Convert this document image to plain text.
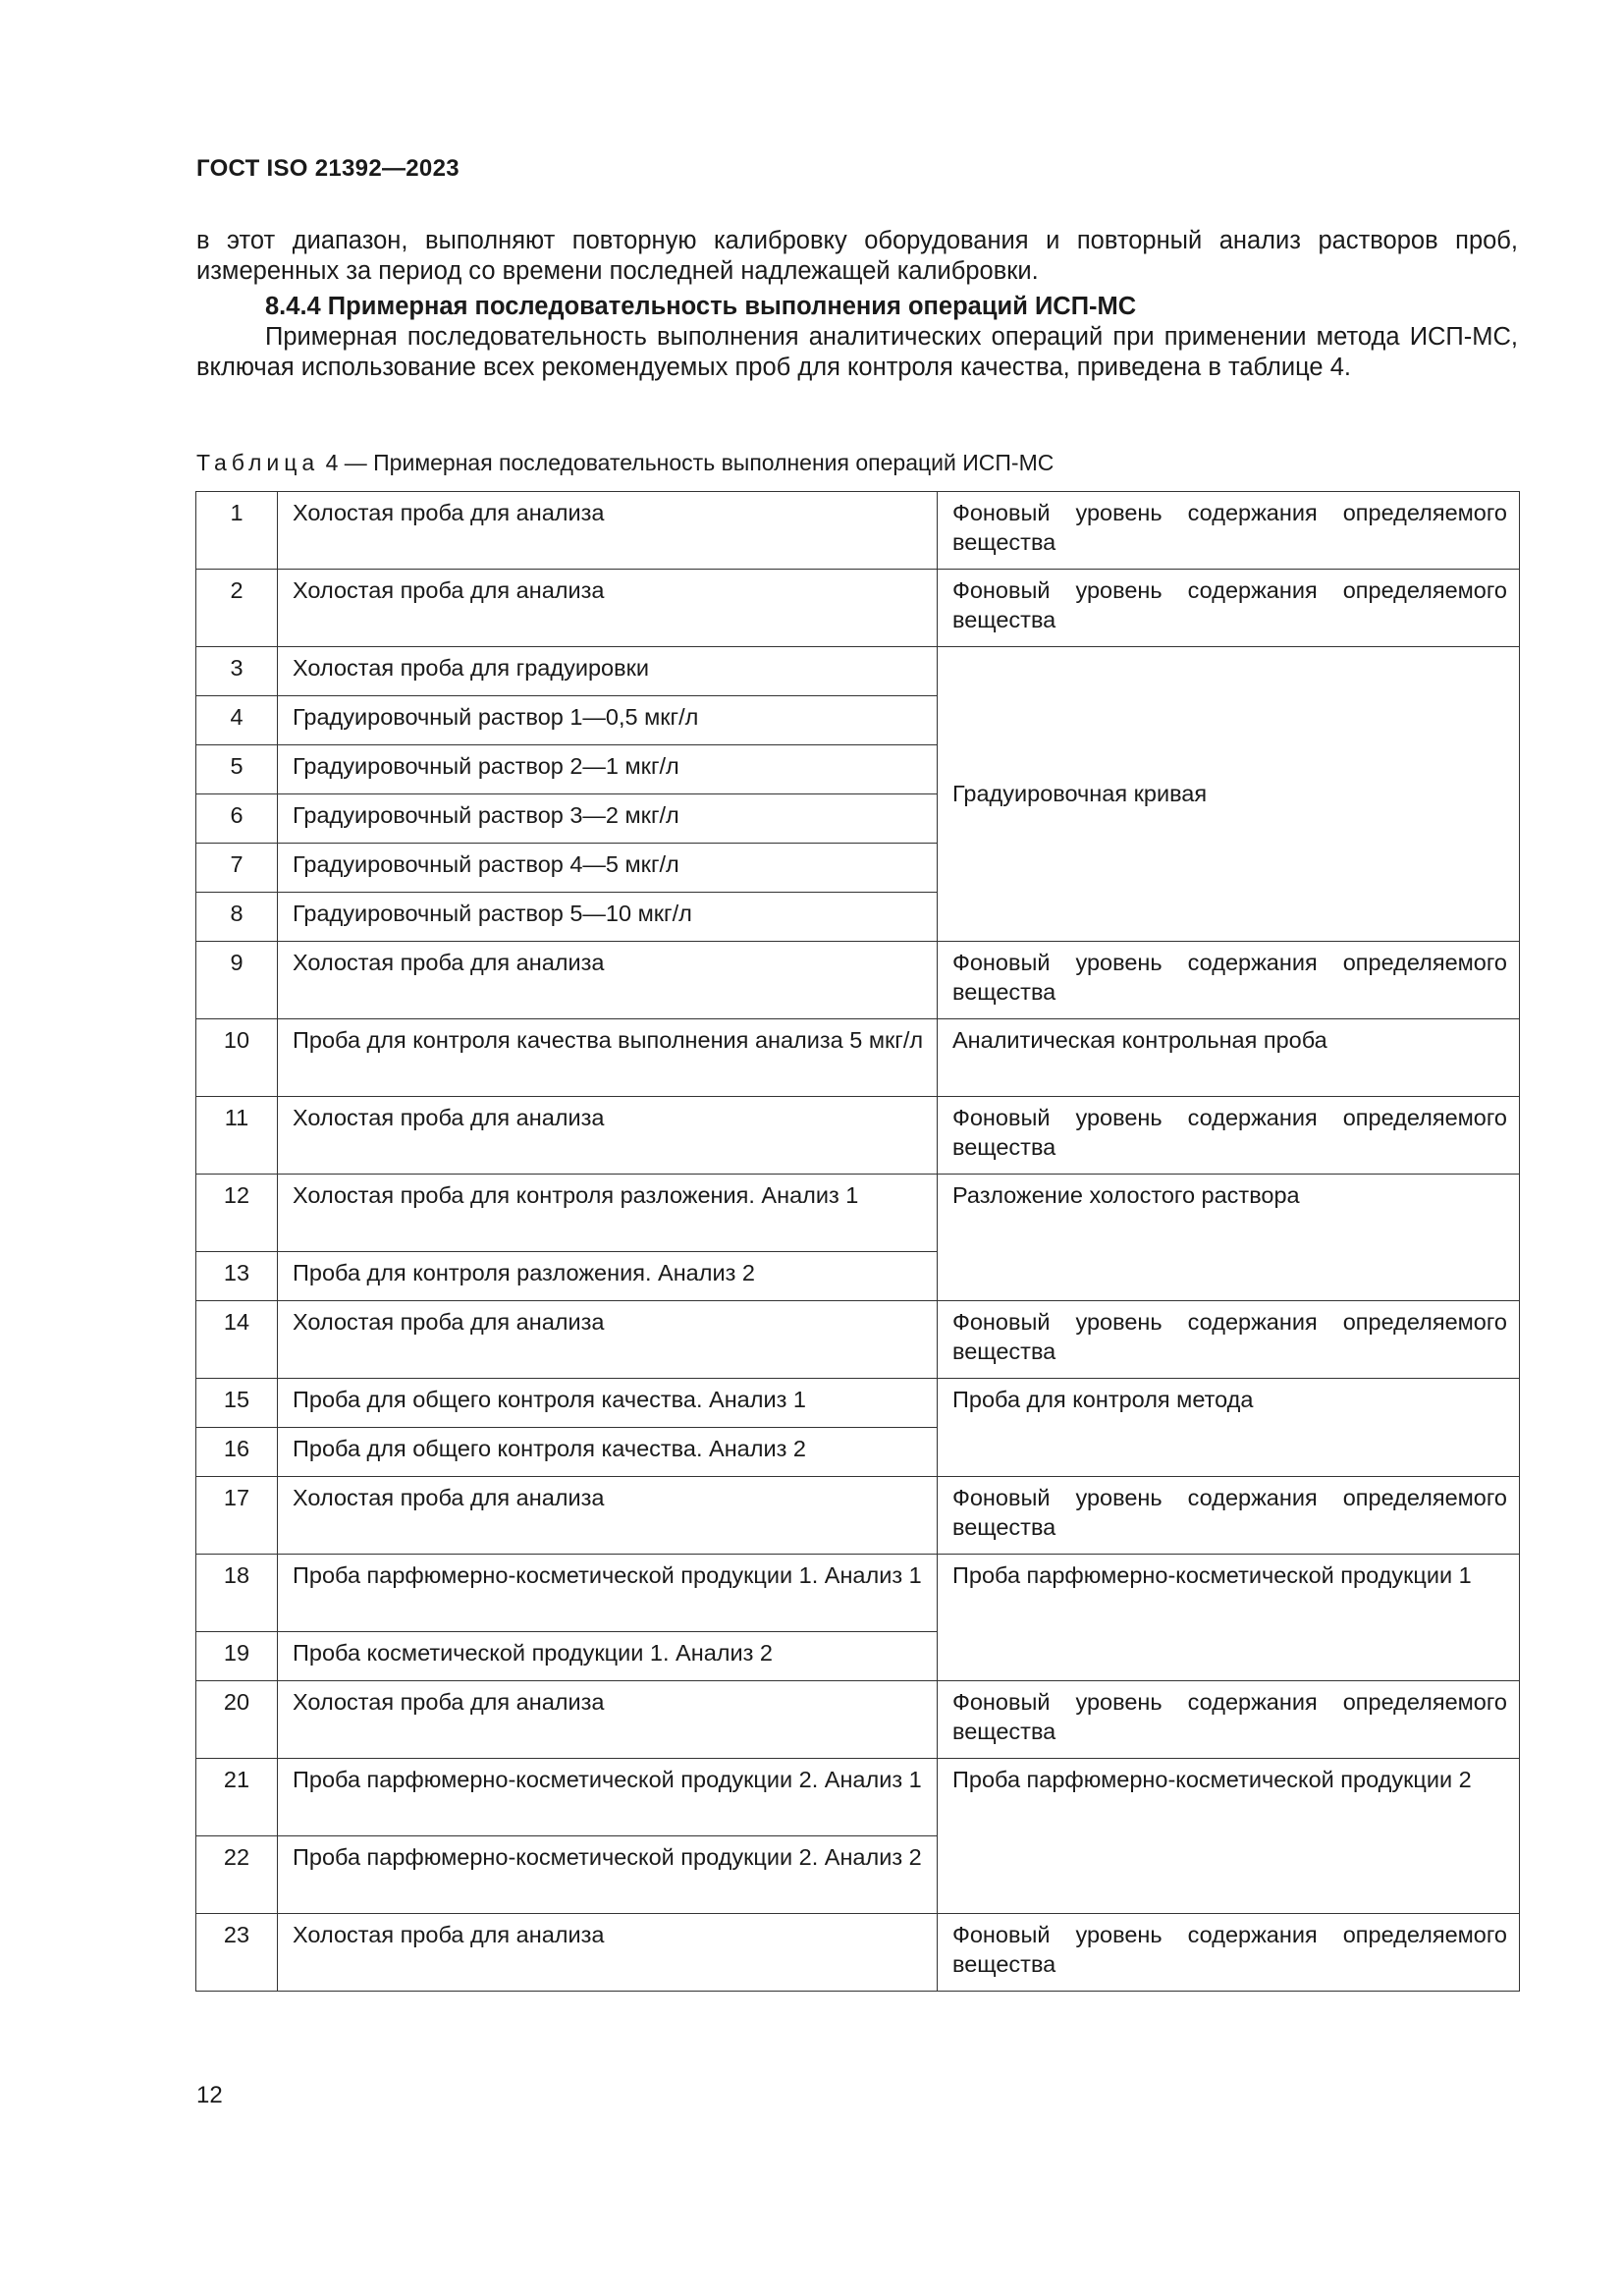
ГОСТ ISO 21392—2023
в этот диапазон, выполняют повторную калибровку оборудования и повторный анализ растворов проб, измеренных за период со времени последней надлежащей калибровки.
8.4.4 Примерная последовательность выполнения операций ИСП-МС
Примерная последовательность выполнения аналитических операций при применении метода ИСП-МС, включая использование всех рекомендуемых проб для контроля качества, приведена в таблице 4.
Таблица 4 — Примерная последовательность выполнения операций ИСП-МС
1	Холостая проба для анализа	Фоновый уровень содержания определяемого вещества
2	Холостая проба для анализа	Фоновый уровень содержания определяемого вещества
3	Холостая проба для градуировки	Градуировочная кривая
4	Градуировочный раствор 1—0,5 мкг/л	
5	Градуировочный раствор 2—1 мкг/л	
6	Градуировочный раствор 3—2 мкг/л	
7	Градуировочный раствор 4—5 мкг/л	
8	Градуировочный раствор 5—10 мкг/л	
9	Холостая проба для анализа	Фоновый уровень содержания определяемого вещества
10	Проба для контроля качества выполнения анализа 5 мкг/л	Аналитическая контрольная проба
11	Холостая проба для анализа	Фоновый уровень содержания определяемого вещества
12	Холостая проба для контроля разложения. Анализ 1	Разложение холостого раствора
13	Проба для контроля разложения. Анализ 2	
14	Холостая проба для анализа	Фоновый уровень содержания определяемого вещества
15	Проба для общего контроля качества. Анализ 1	Проба для контроля метода
16	Проба для общего контроля качества. Анализ 2	
17	Холостая проба для анализа	Фоновый уровень содержания определяемого вещества
18	Проба парфюмерно-косметической продукции 1. Анализ 1	Проба парфюмерно-косметической продукции 1
19	Проба косметической продукции 1. Анализ 2	
20	Холостая проба для анализа	Фоновый уровень содержания определяемого вещества
21	Проба парфюмерно-косметической продукции 2. Анализ 1	Проба парфюмерно-косметической продукции 2
22	Проба парфюмерно-косметической продукции 2. Анализ 2	
23	Холостая проба для анализа	Фоновый уровень содержания определяемого вещества
12
